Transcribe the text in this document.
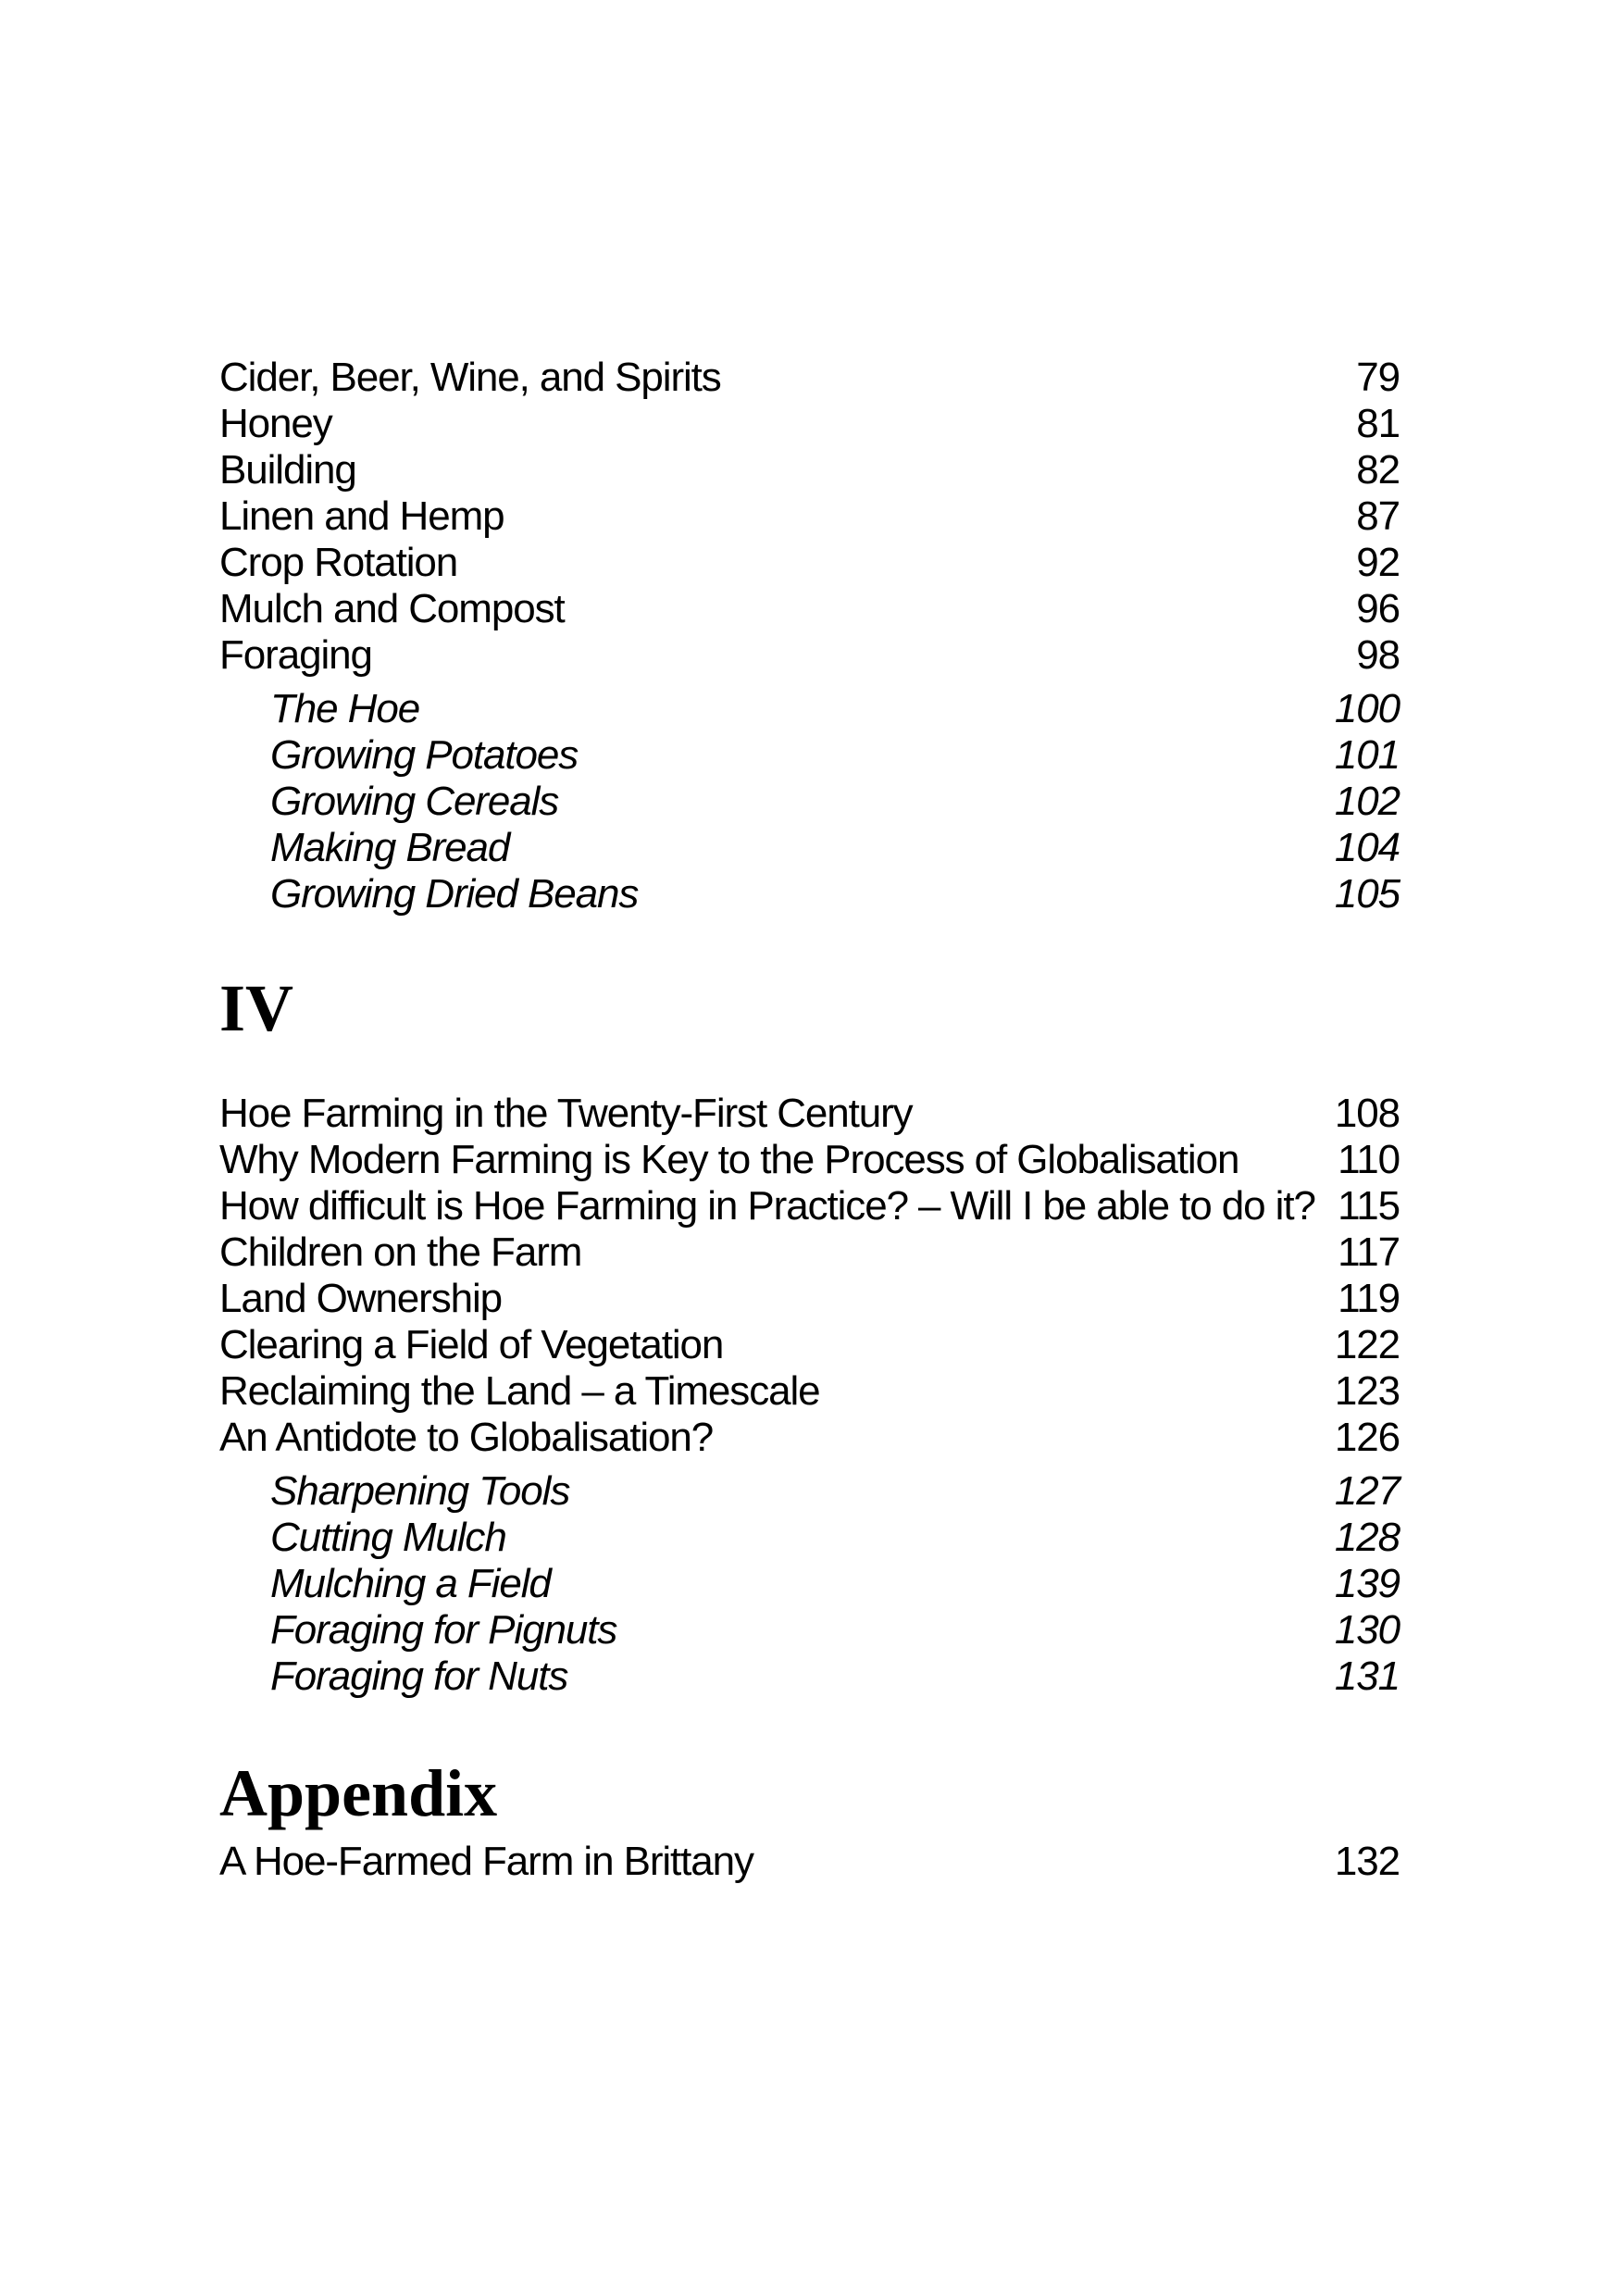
Cider, Beer, Wine, and Spirits	79
Honey	81
Building	82
Linen and Hemp	87
Crop Rotation	92
Mulch and Compost	96
Foraging	98
The Hoe	100
Growing Potatoes	101
Growing Cereals	102
Making Bread	104
Growing Dried Beans	105
IV
Hoe Farming in the Twenty-First Century	108
Why Modern Farming is Key to the Process of Globalisation 110
How difficult is Hoe Farming in Practice? – Will I be able to do it? 115
Children on the Farm	117
Land Ownership	119
Clearing a Field of Vegetation	122
Reclaiming the Land – a Timescale	123
An Antidote to Globalisation?	126
Sharpening Tools	127
Cutting Mulch	128
Mulching a Field	139
Foraging for Pignuts	130
Foraging for Nuts	131
Appendix
A Hoe-Farmed Farm in Brittany	132
